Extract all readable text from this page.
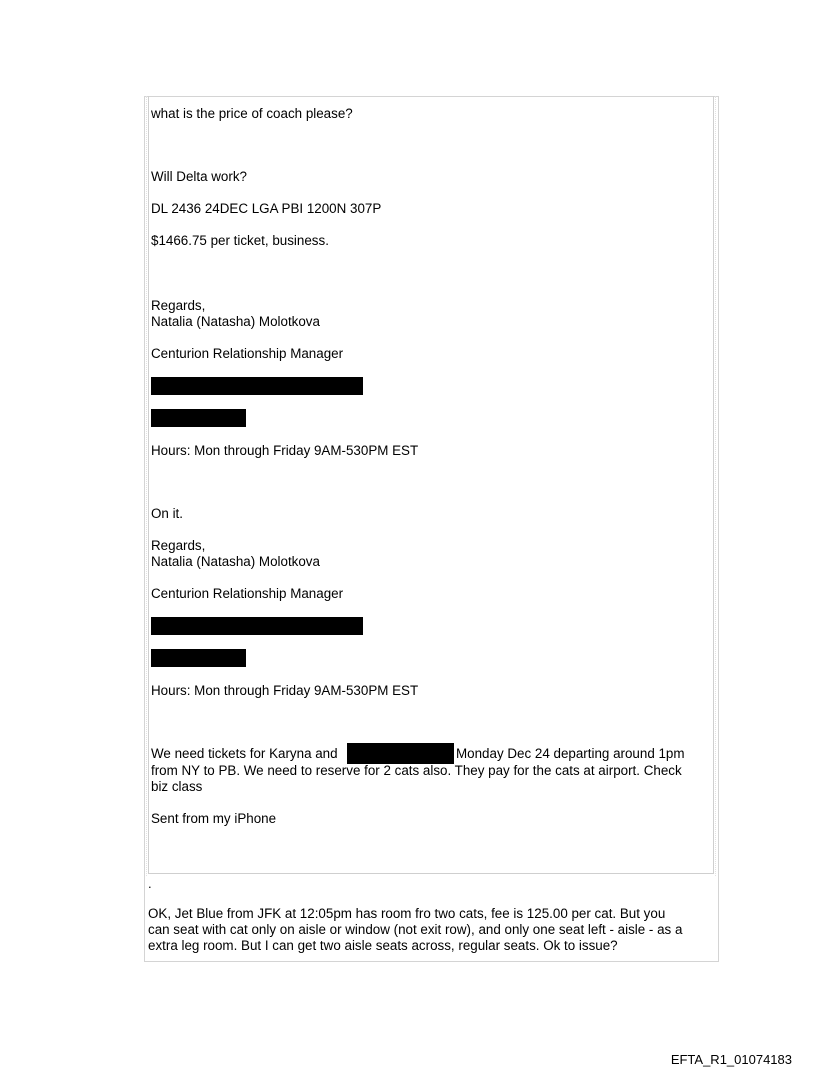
what is the price of coach please?
Will Delta work?
DL 2436 24DEC LGA PBI 1200N 307P
$1466.75 per ticket, business.
Regards,
Natalia (Natasha) Molotkova
Centurion Relationship Manager
Hours: Mon through Friday 9AM-530PM EST
On it.
Regards,
Natalia (Natasha) Molotkova
Centurion Relationship Manager
Hours: Mon through Friday 9AM-530PM EST
We need tickets for Karyna and	Monday Dec 24 departing around 1pm
from NY to PB. We need to reserve for 2 cats also. They pay for the cats at airport. Check
biz class
Sent from my iPhone
.
OK, Jet Blue from JFK at 12:05pm has room fro two cats, fee is 125.00 per cat. But you
can seat with cat only on aisle or window (not exit row), and only one seat left - aisle - as a
extra leg room. But I can get two aisle seats across, regular seats. Ok to issue?
EFTA_R1_01074183
